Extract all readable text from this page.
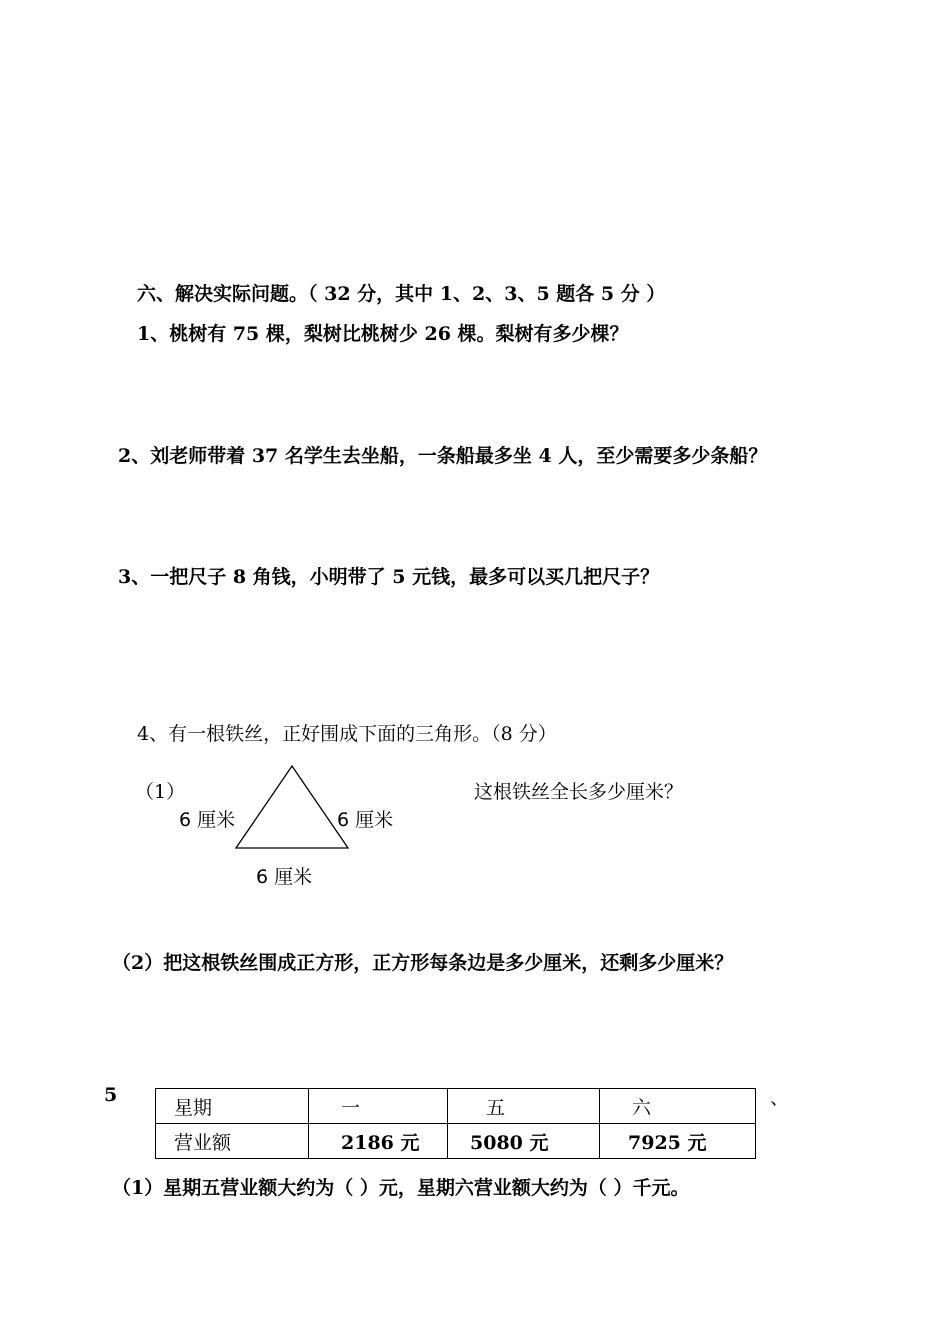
六、解决实际问题。（ 32 分，其中 1、2、3、5 题各 5 分 ）
1、桃树有 75 棵，梨树比桃树少 26 棵。梨树有多少棵？
2、刘老师带着 37 名学生去坐船，一条船最多坐 4 人，至少需要多少条船？
3、一把尺子 8 角钱，小明带了 5 元钱，最多可以买几把尺子？
4、有一根铁丝，正好围成下面的三角形。（8 分）
（1）	这根铁丝全长多少厘米？
6 厘米	6 厘米
6 厘米
（2）把这根铁丝围成正方形，正方形每条边是多少厘米，还剩多少厘米？
5	、
星期	一	五	六
营业额	2186 元	5080 元	7925 元
（1）星期五营业额大约为（ ）元，星期六营业额大约为（ ）千元。
